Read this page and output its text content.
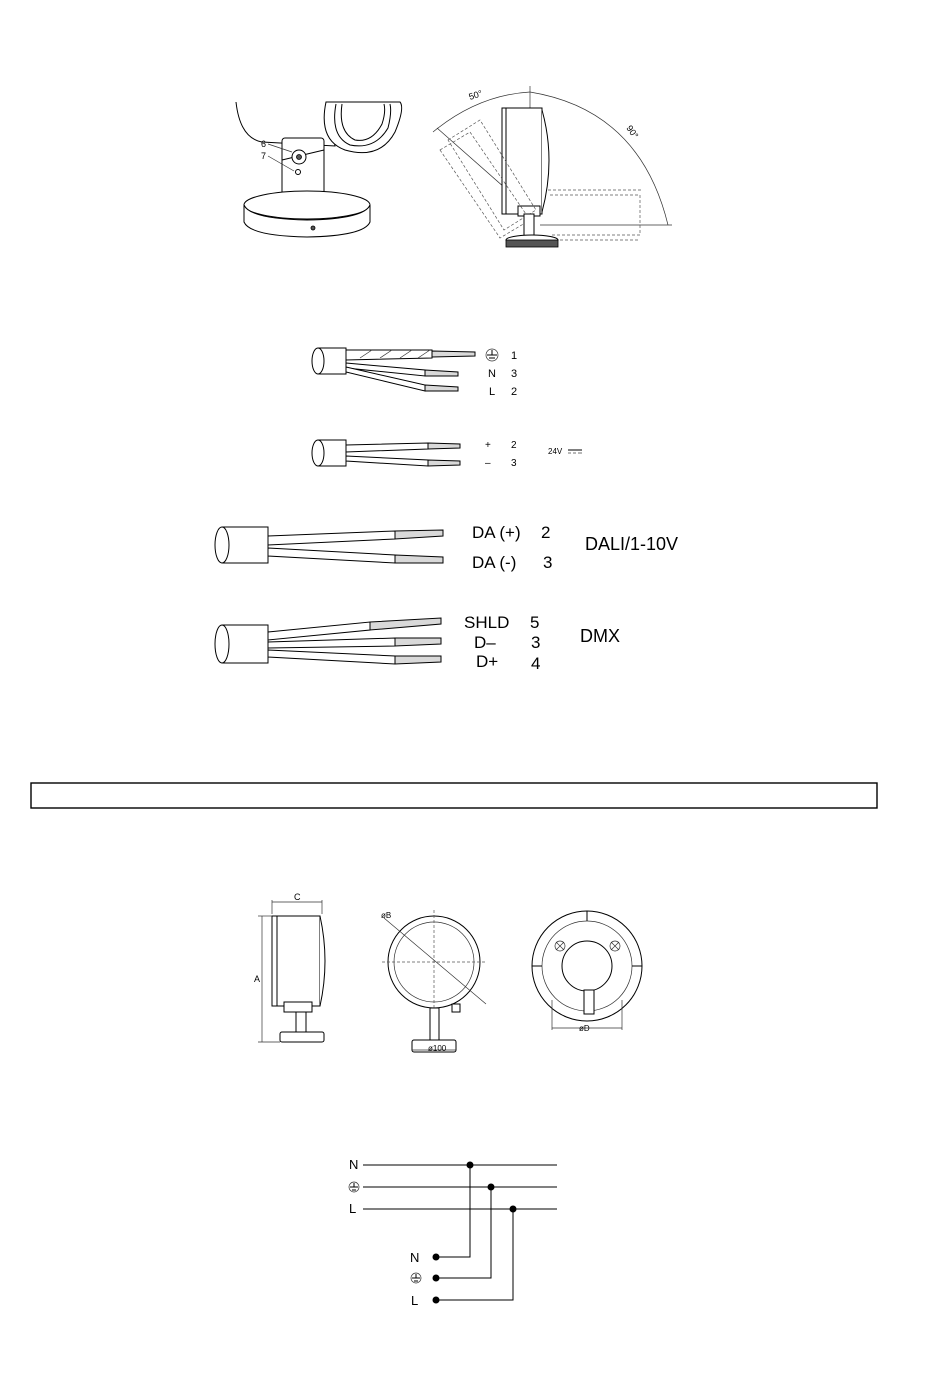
6
7
50°
90°
1
N 3
L 2
+ 2
– 3
24V
DA (+) 2
DA (-) 3
DALI/1-10V
SHLD 5
D– 3
D+ 4
DMX
C
A
øB
ø100
øD
N
L
N
L
